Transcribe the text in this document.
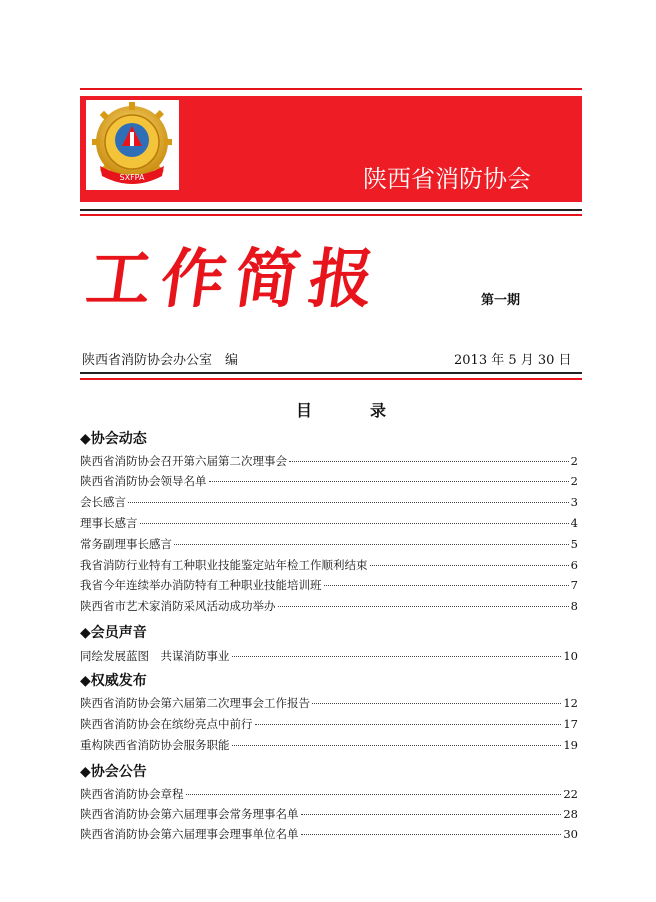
SXFPA	陕西省消防协会
工作简报	第一期
陕西省消防协会办公室　编	2013 年 5 月 30 日
目录
◆协会动态
陕西省消防协会召开第六届第二次理事会	2
陕西省消防协会领导名单	2
会长感言	3
理事长感言	4
常务副理事长感言	5
我省消防行业特有工种职业技能鉴定站年检工作顺利结束	6
我省今年连续举办消防特有工种职业技能培训班	7
陕西省市艺术家消防采风活动成功举办	8
◆会员声音
同绘发展蓝图　共谋消防事业	10
◆权威发布
陕西省消防协会第六届第二次理事会工作报告	12
陕西省消防协会在缤纷亮点中前行	17
重构陕西省消防协会服务职能	19
◆协会公告
陕西省消防协会章程	22
陕西省消防协会第六届理事会常务理事名单	28
陕西省消防协会第六届理事会理事单位名单	30
